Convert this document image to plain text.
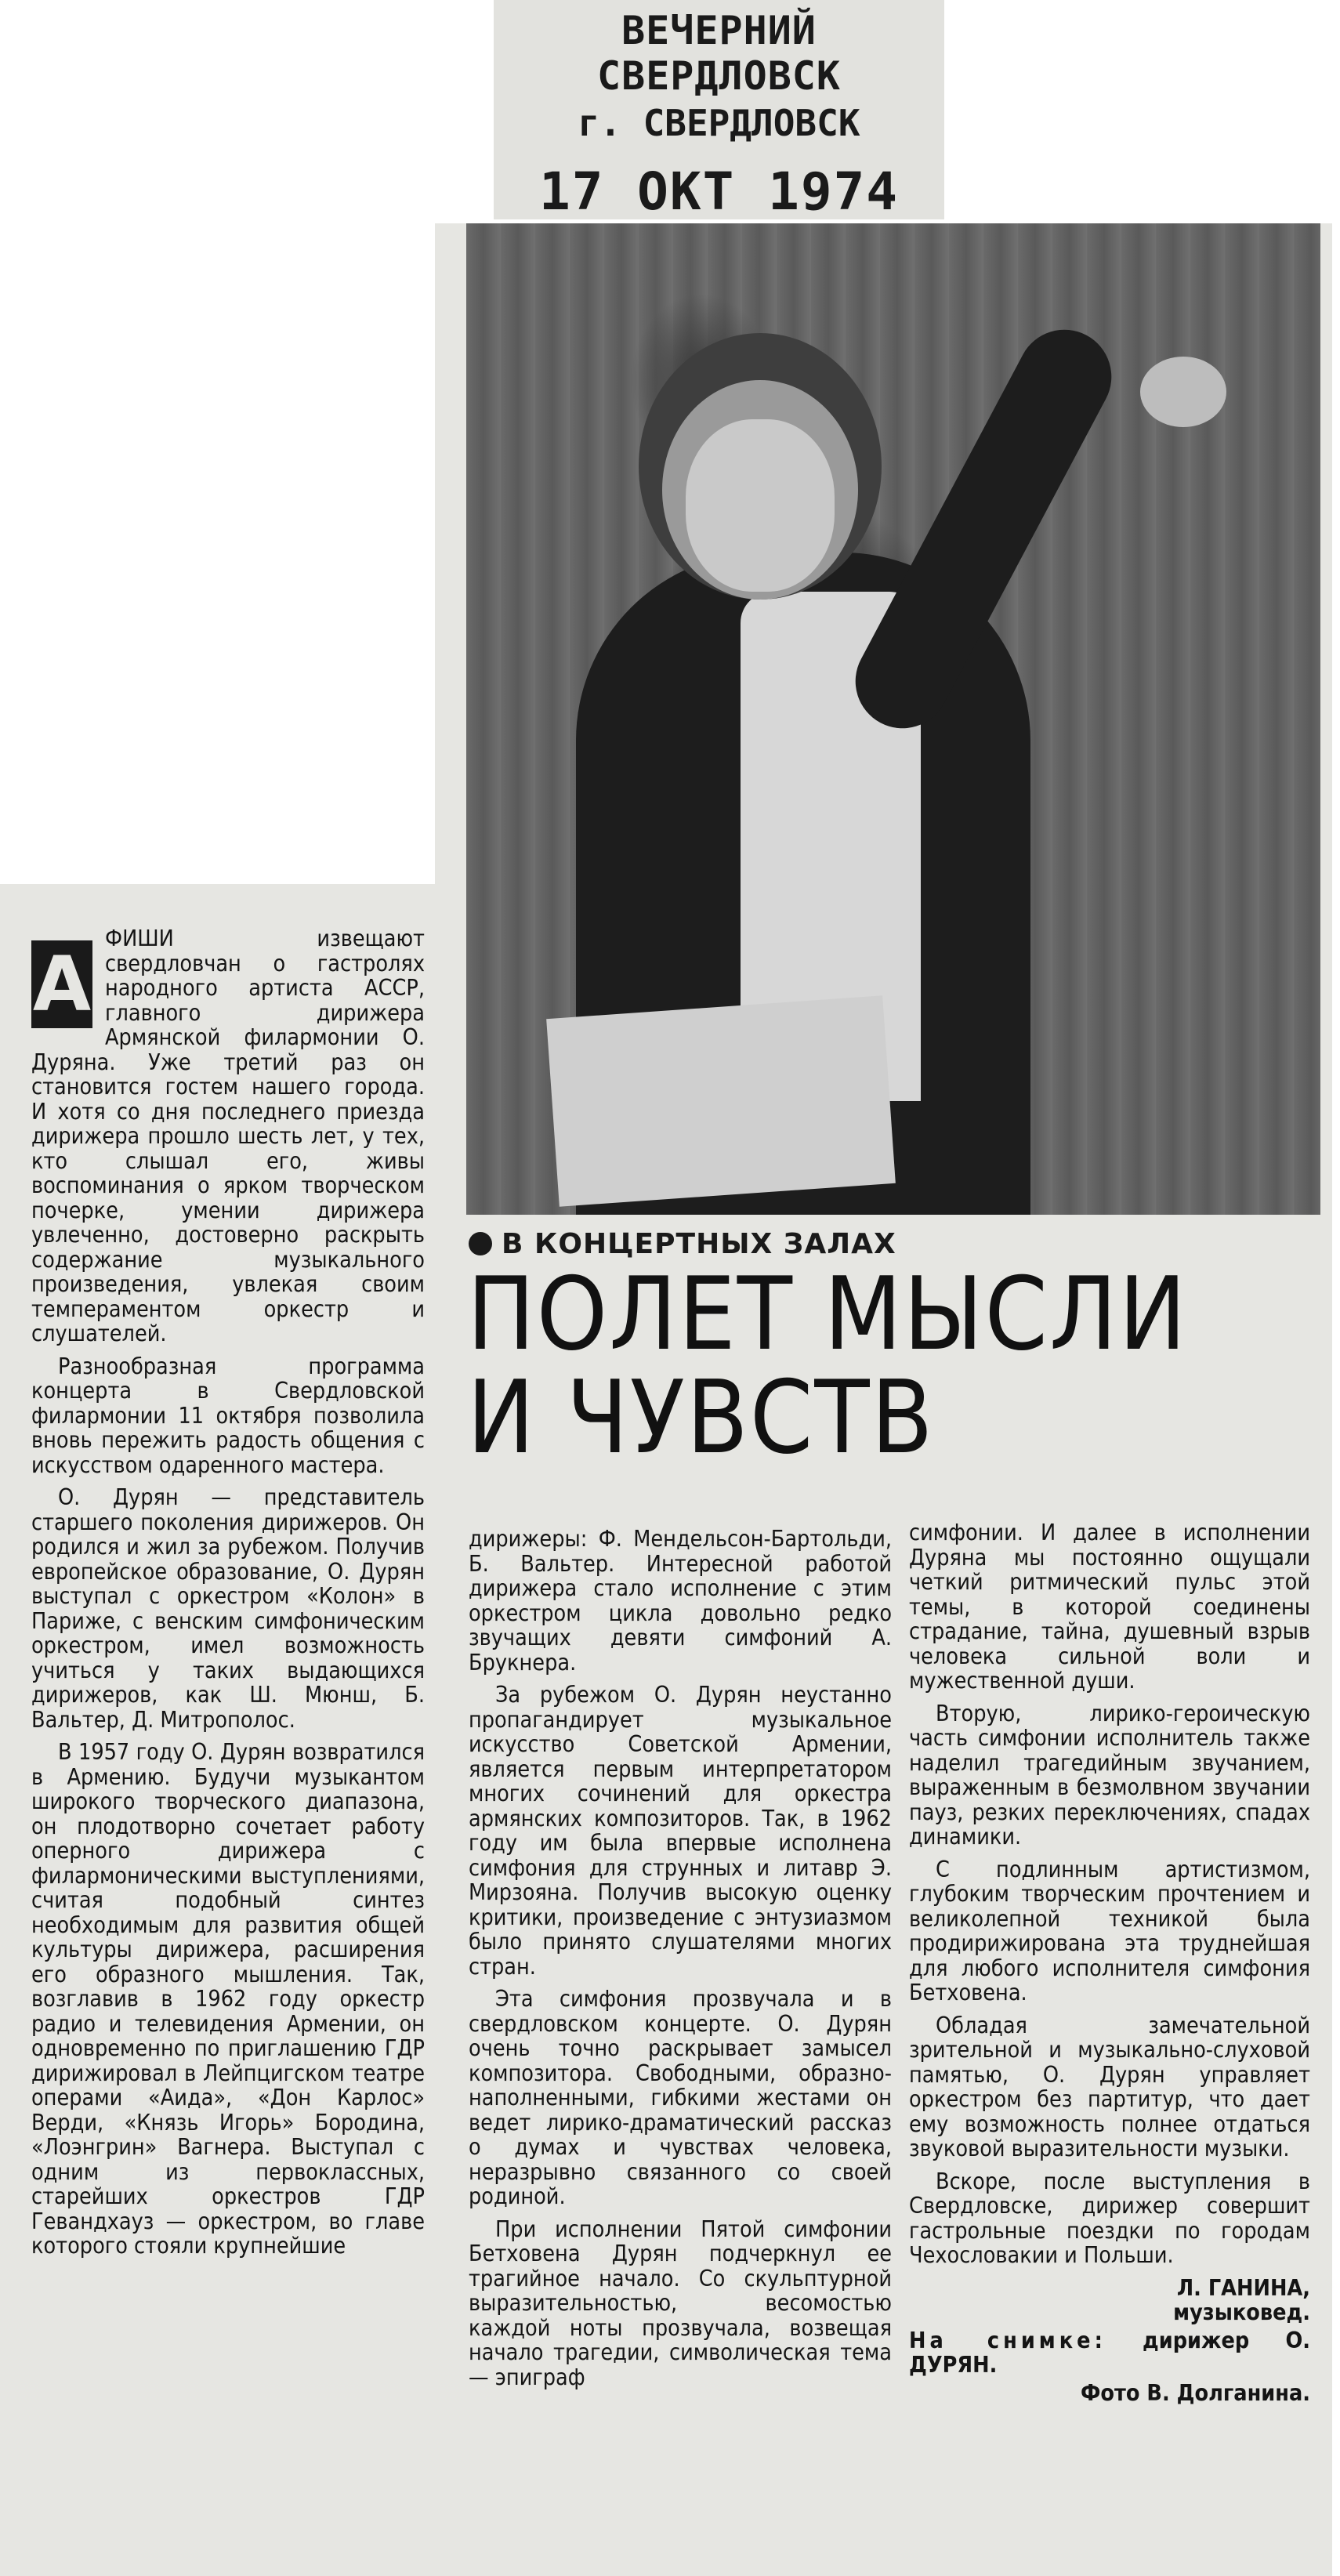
ВЕЧЕРНИЙ СВЕРДЛОВСК
г. СВЕРДЛОВСК
17 ОКТ 1974
В КОНЦЕРТНЫХ ЗАЛАХ
ПОЛЕТ МЫСЛИ
И ЧУВСТВ
А

ФИШИ извещают свердловчан о гастролях народного артиста АССР, главного дирижера Армянской филармонии О. Дуряна. Уже третий раз он становится гостем нашего города. И хотя со дня последнего приезда дирижера прошло шесть лет, у тех, кто слышал его, живы воспоминания о ярком творческом почерке, умении дирижера увлеченно, достоверно раскрыть содержание музыкального произведения, увлекая своим темпераментом оркестр и слушателей.

Разнообразная программа концерта в Свердловской филармонии 11 октября позволила вновь пережить радость общения с искусством одаренного мастера.

О. Дурян — представитель старшего поколения дирижеров. Он родился и жил за рубежом. Получив европейское образование, О. Дурян выступал с оркестром «Колон» в Париже, с венским симфоническим оркестром, имел возможность учиться у таких выдающихся дирижеров, как Ш. Мюнш, Б. Вальтер, Д. Митрополос.

В 1957 году О. Дурян возвратился в Армению. Будучи музыкантом широкого творческого диапазона, он плодотворно сочетает работу оперного дирижера с филармоническими выступлениями, считая подобный синтез необходимым для развития общей культуры дирижера, расширения его образного мышления. Так, возглавив в 1962 году оркестр радио и телевидения Армении, он одновременно по приглашению ГДР дирижировал в Лейпцигском театре операми «Аида», «Дон Карлос» Верди, «Князь Игорь» Бородина, «Лоэнгрин» Вагнера. Выступал с одним из первоклассных, старейших оркестров ГДР Гевандхауз — оркестром, во главе которого стояли крупнейшие

дирижеры: Ф. Мендельсон-Бартольди, Б. Вальтер. Интересной работой дирижера стало исполнение с этим оркестром цикла довольно редко звучащих девяти симфоний А. Брукнера.

За рубежом О. Дурян неустанно пропагандирует музыкальное искусство Советской Армении, является первым интерпретатором многих сочинений для оркестра армянских композиторов. Так, в 1962 году им была впервые исполнена симфония для струнных и литавр Э. Мирзояна. Получив высокую оценку критики, произведение с энтузиазмом было принято слушателями многих стран.

Эта симфония прозвучала и в свердловском концерте. О. Дурян очень точно раскрывает замысел композитора. Свободными, образно-наполненными, гибкими жестами он ведет лирико-драматический рассказ о думах и чувствах человека, неразрывно связанного со своей родиной.

При исполнении Пятой симфонии Бетховена Дурян подчеркнул ее трагийное начало. Со скульптурной выразительностью, весомостью каждой ноты прозвучала, возвещая начало трагедии, символическая тема — эпиграф

симфонии. И далее в исполнении Дуряна мы постоянно ощущали четкий ритмический пульс этой темы, в которой соединены страдание, тайна, душевный взрыв человека сильной воли и мужественной души.

Вторую, лирико-героическую часть симфонии исполнитель также наделил трагедийным звучанием, выраженным в безмолвном звучании пауз, резких переключениях, спадах динамики.

С подлинным артистизмом, глубоким творческим прочтением и великолепной техникой была продирижирована эта труднейшая для любого исполнителя симфония Бетховена.

Обладая замечательной зрительной и музыкально-слуховой памятью, О. Дурян управляет оркестром без партитур, что дает ему возможность полнее отдаться звуковой выразительности музыки.

Вскоре, после выступления в Свердловске, дирижер совершит гастрольные поездки по городам Чехословакии и Польши.

Л. ГАНИНА,

музыковед.

На снимке: дирижер О. ДУРЯН.

Фото В. Долганина.
